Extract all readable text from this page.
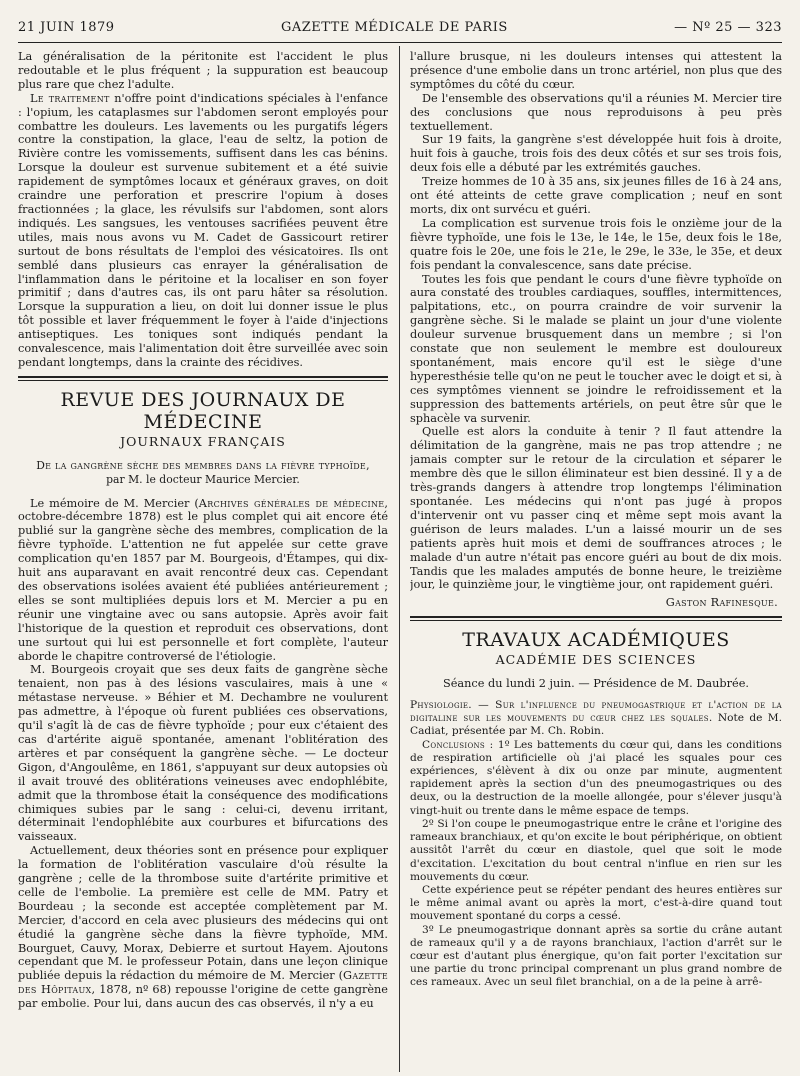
21 JUIN 1879	GAZETTE MÉDICALE DE PARIS	— Nº 25 — 323

La généralisation de la péritonite est l'accident le plus redoutable et le plus fréquent ; la suppuration est beaucoup plus rare que chez l'adulte.

Le traitement n'offre point d'indications spéciales à l'enfance : l'opium, les cataplasmes sur l'abdomen seront employés pour combattre les douleurs. Les lavements ou les purgatifs légers contre la constipation, la glace, l'eau de seltz, la potion de Rivière contre les vomissements, suffisent dans les cas bénins. Lorsque la douleur est survenue subitement et a été suivie rapidement de symptômes locaux et généraux graves, on doit craindre une perforation et prescrire l'opium à doses fractionnées ; la glace, les révulsifs sur l'abdomen, sont alors indiqués. Les sangsues, les ventouses sacrifiées peuvent être utiles, mais nous avons vu M. Cadet de Gassicourt retirer surtout de bons résultats de l'emploi des vésicatoires. Ils ont semblé dans plusieurs cas enrayer la généralisation de l'inflammation dans le péritoine et la localiser en son foyer primitif ; dans d'autres cas, ils ont paru hâter sa résolution. Lorsque la suppuration a lieu, on doit lui donner issue le plus tôt possible et laver fréquemment le foyer à l'aide d'injections antiseptiques. Les toniques sont indiqués pendant la convalescence, mais l'alimentation doit être surveillée avec soin pendant longtemps, dans la crainte des récidives.

REVUE DES JOURNAUX DE MÉDECINE
JOURNAUX FRANÇAIS
De la gangrène sèche des membres dans la fièvre typhoïde,
par M. le docteur Maurice Mercier.

Le mémoire de M. Mercier (Archives générales de médecine, octobre-décembre 1878) est le plus complet qui ait encore été publié sur la gangrène sèche des membres, complication de la fièvre typhoïde. L'attention ne fut appelée sur cette grave complication qu'en 1857 par M. Bourgeois, d'Étampes, qui dix-huit ans auparavant en avait rencontré deux cas. Cependant des observations isolées avaient été publiées antérieurement ; elles se sont multipliées depuis lors et M. Mercier a pu en réunir une vingtaine avec ou sans autopsie. Après avoir fait l'historique de la question et reproduit ces observations, dont une surtout qui lui est personnelle et fort complète, l'auteur aborde le chapitre controversé de l'étiologie.

M. Bourgeois croyait que ses deux faits de gangrène sèche tenaient, non pas à des lésions vasculaires, mais à une « métastase nerveuse. » Béhier et M. Dechambre ne voulurent pas admettre, à l'époque où furent publiées ces observations, qu'il s'agît là de cas de fièvre typhoïde ; pour eux c'étaient des cas d'artérite aiguë spontanée, amenant l'oblitération des artères et par conséquent la gangrène sèche. — Le docteur Gigon, d'Angoulême, en 1861, s'appuyant sur deux autopsies où il avait trouvé des oblitérations veineuses avec endophlébite, admit que la thrombose était la conséquence des modifications chimiques subies par le sang : celui-ci, devenu irritant, déterminait l'endophlébite aux courbures et bifurcations des vaisseaux.

Actuellement, deux théories sont en présence pour expliquer la formation de l'oblitération vasculaire d'où résulte la gangrène ; celle de la thrombose suite d'artérite primitive et celle de l'embolie. La première est celle de MM. Patry et Bourdeau ; la seconde est acceptée complètement par M. Mercier, d'accord en cela avec plusieurs des médecins qui ont étudié la gangrène sèche dans la fièvre typhoïde, MM. Bourguet, Cauvy, Morax, Debierre et surtout Hayem. Ajoutons cependant que M. le professeur Potain, dans une leçon clinique publiée depuis la rédaction du mémoire de M. Mercier (Gazette des Hôpitaux, 1878, nº 68) repousse l'origine de cette gangrène par embolie. Pour lui, dans aucun des cas observés, il n'y a eu

l'allure brusque, ni les douleurs intenses qui attestent la présence d'une embolie dans un tronc artériel, non plus que des symptômes du côté du cœur.

De l'ensemble des observations qu'il a réunies M. Mercier tire des conclusions que nous reproduisons à peu près textuellement.

Sur 19 faits, la gangrène s'est développée huit fois à droite, huit fois à gauche, trois fois des deux côtés et sur ses trois fois, deux fois elle a débuté par les extrémités gauches.

Treize hommes de 10 à 35 ans, six jeunes filles de 16 à 24 ans, ont été atteints de cette grave complication ; neuf en sont morts, dix ont survécu et guéri.

La complication est survenue trois fois le onzième jour de la fièvre typhoïde, une fois le 13e, le 14e, le 15e, deux fois le 18e, quatre fois le 20e, une fois le 21e, le 29e, le 33e, le 35e, et deux fois pendant la convalescence, sans date précise.

Toutes les fois que pendant le cours d'une fièvre typhoïde on aura constaté des troubles cardiaques, souffles, intermittences, palpitations, etc., on pourra craindre de voir survenir la gangrène sèche. Si le malade se plaint un jour d'une violente douleur survenue brusquement dans un membre ; si l'on constate que non seulement le membre est douloureux spontanément, mais encore qu'il est le siège d'une hyperesthésie telle qu'on ne peut le toucher avec le doigt et si, à ces symptômes viennent se joindre le refroidissement et la suppression des battements artériels, on peut être sûr que le sphacèle va survenir.

Quelle est alors la conduite à tenir ? Il faut attendre la délimitation de la gangrène, mais ne pas trop attendre ; ne jamais compter sur le retour de la circulation et séparer le membre dès que le sillon éliminateur est bien dessiné. Il y a de très-grands dangers à attendre trop longtemps l'élimination spontanée. Les médecins qui n'ont pas jugé à propos d'intervenir ont vu passer cinq et même sept mois avant la guérison de leurs malades. L'un a laissé mourir un de ses patients après huit mois et demi de souffrances atroces ; le malade d'un autre n'était pas encore guéri au bout de dix mois. Tandis que les malades amputés de bonne heure, le treizième jour, le quinzième jour, le vingtième jour, ont rapidement guéri.

Gaston Rafinesque.
TRAVAUX ACADÉMIQUES
ACADÉMIE DES SCIENCES
Séance du lundi 2 juin. — Présidence de M. Daubrée.

Physiologie. — Sur l'influence du pneumogastrique et l'action de la digitaline sur les mouvements du cœur chez les squales. Note de M. Cadiat, présentée par M. Ch. Robin.

Conclusions : 1º Les battements du cœur qui, dans les conditions de respiration artificielle où j'ai placé les squales pour ces expériences, s'élèvent à dix ou onze par minute, augmentent rapidement après la section d'un des pneumogastriques ou des deux, ou la destruction de la moelle allongée, pour s'élever jusqu'à vingt-huit ou trente dans le même espace de temps.

2º Si l'on coupe le pneumogastrique entre le crâne et l'origine des rameaux branchiaux, et qu'on excite le bout périphérique, on obtient aussitôt l'arrêt du cœur en diastole, quel que soit le mode d'excitation. L'excitation du bout central n'influe en rien sur les mouvements du cœur.

Cette expérience peut se répéter pendant des heures entières sur le même animal avant ou après la mort, c'est-à-dire quand tout mouvement spontané du corps a cessé.

3º Le pneumogastrique donnant après sa sortie du crâne autant de rameaux qu'il y a de rayons branchiaux, l'action d'arrêt sur le cœur est d'autant plus énergique, qu'on fait porter l'excitation sur une partie du tronc principal comprenant un plus grand nombre de ces rameaux. Avec un seul filet branchial, on a de la peine à arrê-
